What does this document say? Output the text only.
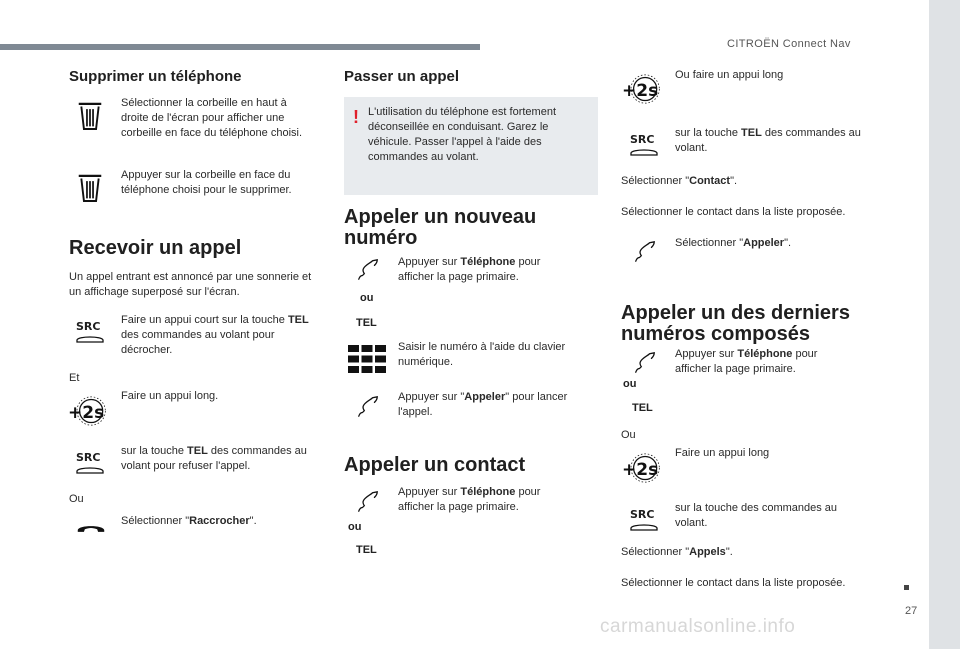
CITROËN Connect Nav
27
carmanualsonline.info
Supprimer un téléphone
Sélectionner la corbeille en haut à droite de l'écran pour afficher une corbeille en face du téléphone choisi.
Appuyer sur la corbeille en face du téléphone choisi pour le supprimer.
Recevoir un appel
Un appel entrant est annoncé par une sonnerie et un affichage superposé sur l'écran.
SRC Faire un appui court sur la touche TEL des commandes au volant pour décrocher.
Et
+2s
Faire un appui long.
SRC sur la touche TEL des commandes au volant pour refuser l'appel.
Ou
Sélectionner "Raccrocher".
Passer un appel
! L'utilisation du téléphone est fortement déconseillée en conduisant. Garez le véhicule. Passer l'appel à l'aide des commandes au volant.
Appeler un nouveau numéro
Appuyer sur Téléphone pour afficher la page primaire.
ou
TEL
Saisir le numéro à l'aide du clavier numérique.
Appuyer sur "Appeler" pour lancer l'appel.
Appeler un contact
Appuyer sur Téléphone pour afficher la page primaire.
ou
TEL
+2s
Ou faire un appui long
SRC sur la touche TEL des commandes au volant.
Sélectionner "Contact".
Sélectionner le contact dans la liste proposée.
Sélectionner "Appeler".
Appeler un des derniers numéros composés
Appuyer sur Téléphone pour afficher la page primaire.
ou
TEL
Ou
+2s
Faire un appui long
SRC sur la touche des commandes au volant.
Sélectionner "Appels".
Sélectionner le contact dans la liste proposée.
